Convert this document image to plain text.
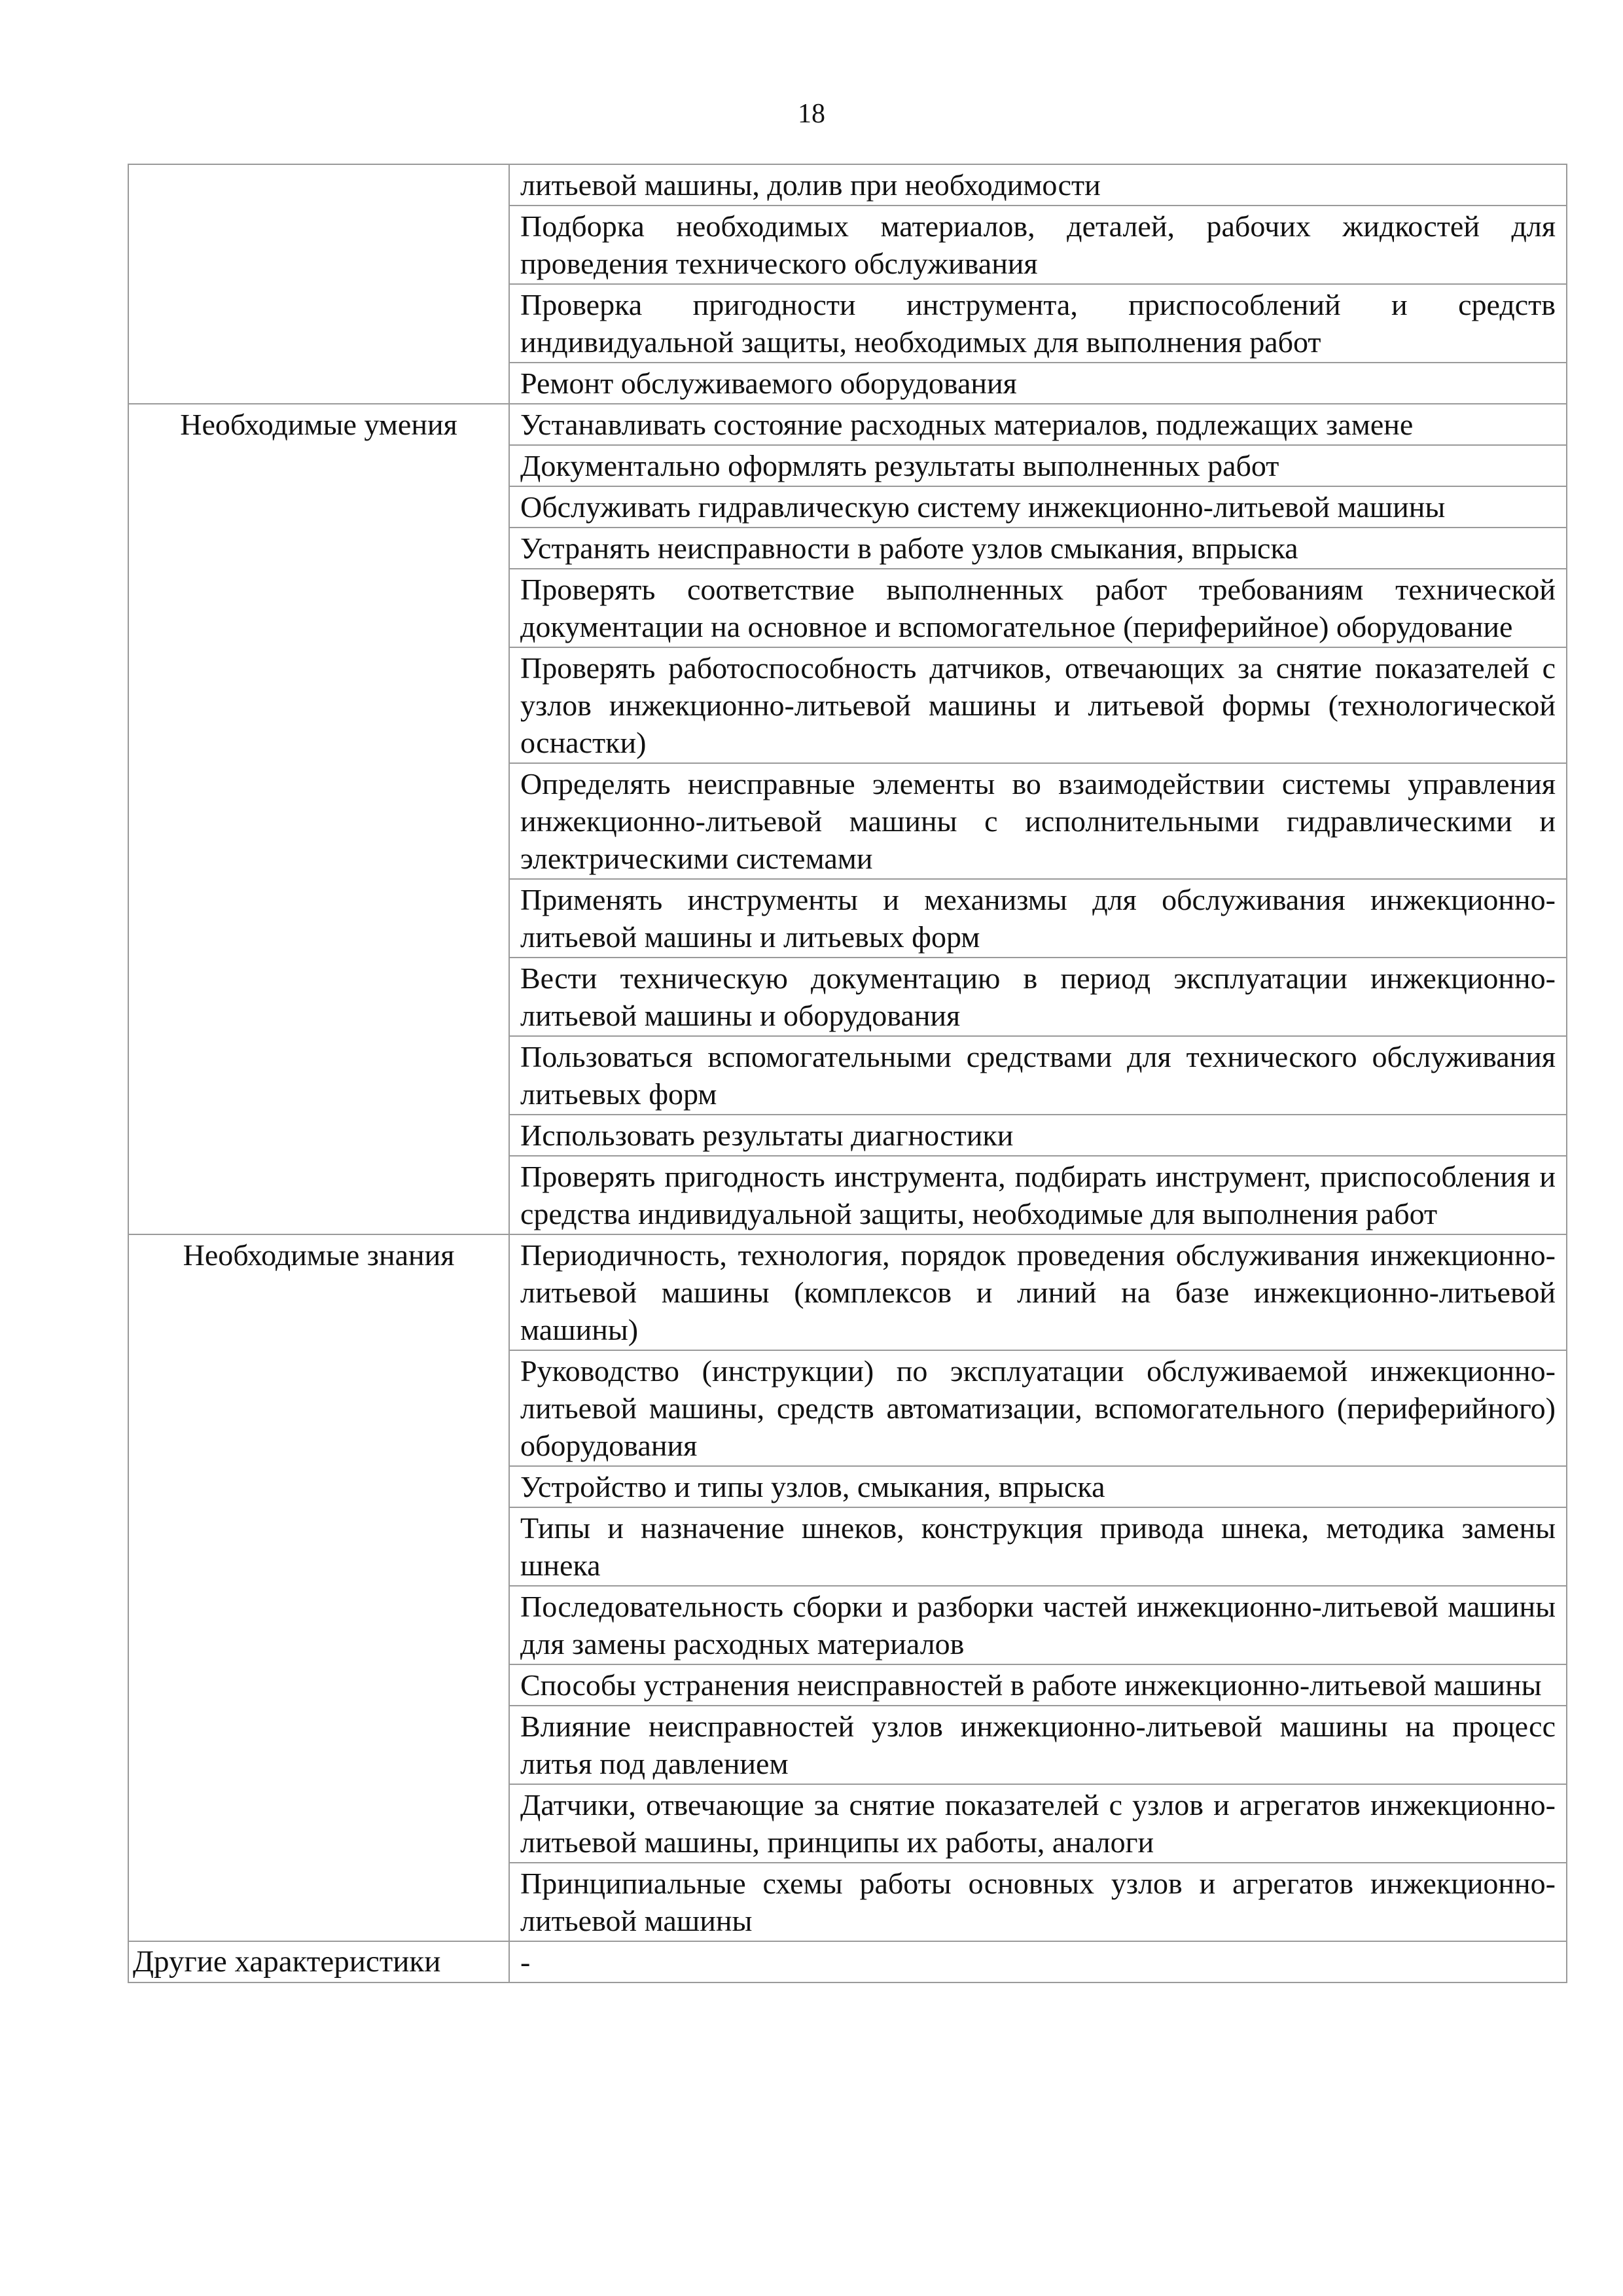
18
	литьевой машины, долив при необходимости
	Подборка необходимых материалов, деталей, рабочих жидкостей для проведения технического обслуживания
	Проверка пригодности инструмента, приспособлений и средств индивидуальной защиты, необходимых для выполнения работ
	Ремонт обслуживаемого оборудования
Необходимые умения	Устанавливать состояние расходных материалов, подлежащих замене
	Документально оформлять результаты выполненных работ
	Обслуживать гидравлическую систему инжекционно-литьевой машины
	Устранять неисправности в работе узлов смыкания, впрыска
	Проверять соответствие выполненных работ требованиям технической документации на основное и вспомогательное (периферийное) оборудование
	Проверять работоспособность датчиков, отвечающих за снятие показателей с узлов инжекционно-литьевой машины и литьевой формы (технологической оснастки)
	Определять неисправные элементы во взаимодействии системы управления инжекционно-литьевой машины с исполнительными гидравлическими и электрическими системами
	Применять инструменты и механизмы для обслуживания инжекционно-литьевой машины и литьевых форм
	Вести техническую документацию в период эксплуатации инжекционно-литьевой машины и оборудования
	Пользоваться вспомогательными средствами для технического обслуживания литьевых форм
	Использовать результаты диагностики
	Проверять пригодность инструмента, подбирать инструмент, приспособления и средства индивидуальной защиты, необходимые для выполнения работ
Необходимые знания	Периодичность, технология, порядок проведения обслуживания инжекционно-литьевой машины (комплексов и линий на базе инжекционно-литьевой машины)
	Руководство (инструкции) по эксплуатации обслуживаемой инжекционно-литьевой машины, средств автоматизации, вспомогательного (периферийного) оборудования
	Устройство и типы узлов, смыкания, впрыска
	Типы и назначение шнеков, конструкция привода шнека, методика замены шнека
	Последовательность сборки и разборки частей инжекционно-литьевой машины для замены расходных материалов
	Способы устранения неисправностей в работе инжекционно-литьевой машины
	Влияние неисправностей узлов инжекционно-литьевой машины на процесс литья под давлением
	Датчики, отвечающие за снятие показателей с узлов и агрегатов инжекционно-литьевой машины, принципы их работы, аналоги
	Принципиальные схемы работы основных узлов и агрегатов инжекционно-литьевой машины
Другие характеристики	-
